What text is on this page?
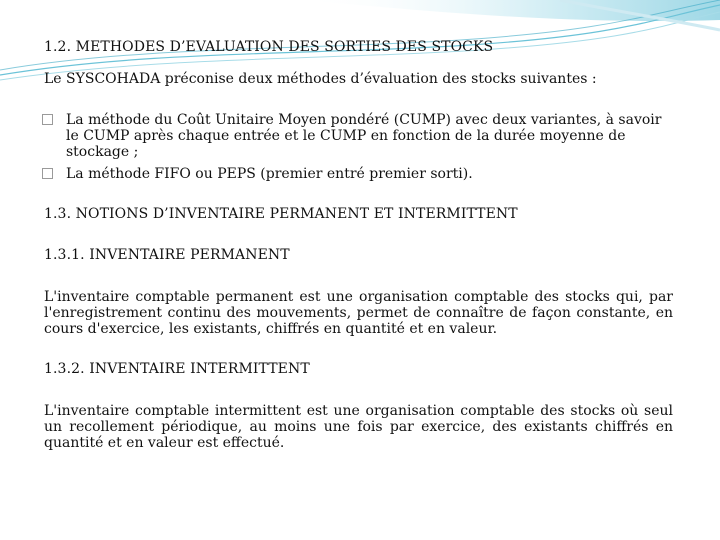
1.2. METHODES D’EVALUATION DES SORTIES DES STOCKS
Le SYSCOHADA préconise deux méthodes d’évaluation des stocks suivantes :
La méthode du Coût Unitaire Moyen pondéré (CUMP) avec deux variantes, à savoir le CUMP après chaque entrée et le CUMP en fonction de la durée moyenne de stockage ;
La méthode FIFO ou PEPS (premier entré premier sorti).
1.3. NOTIONS D’INVENTAIRE PERMANENT ET INTERMITTENT
1.3.1. INVENTAIRE PERMANENT
L'inventaire comptable permanent est une organisation comptable des stocks qui, par l'enregistrement continu des mouvements, permet de connaître de façon constante, en cours d'exercice, les existants, chiffrés en quantité et en valeur.
1.3.2. INVENTAIRE INTERMITTENT
L'inventaire comptable intermittent est une organisation comptable des stocks où seul un recollement périodique, au moins une fois par exercice, des existants chiffrés en quantité et en valeur est effectué.
